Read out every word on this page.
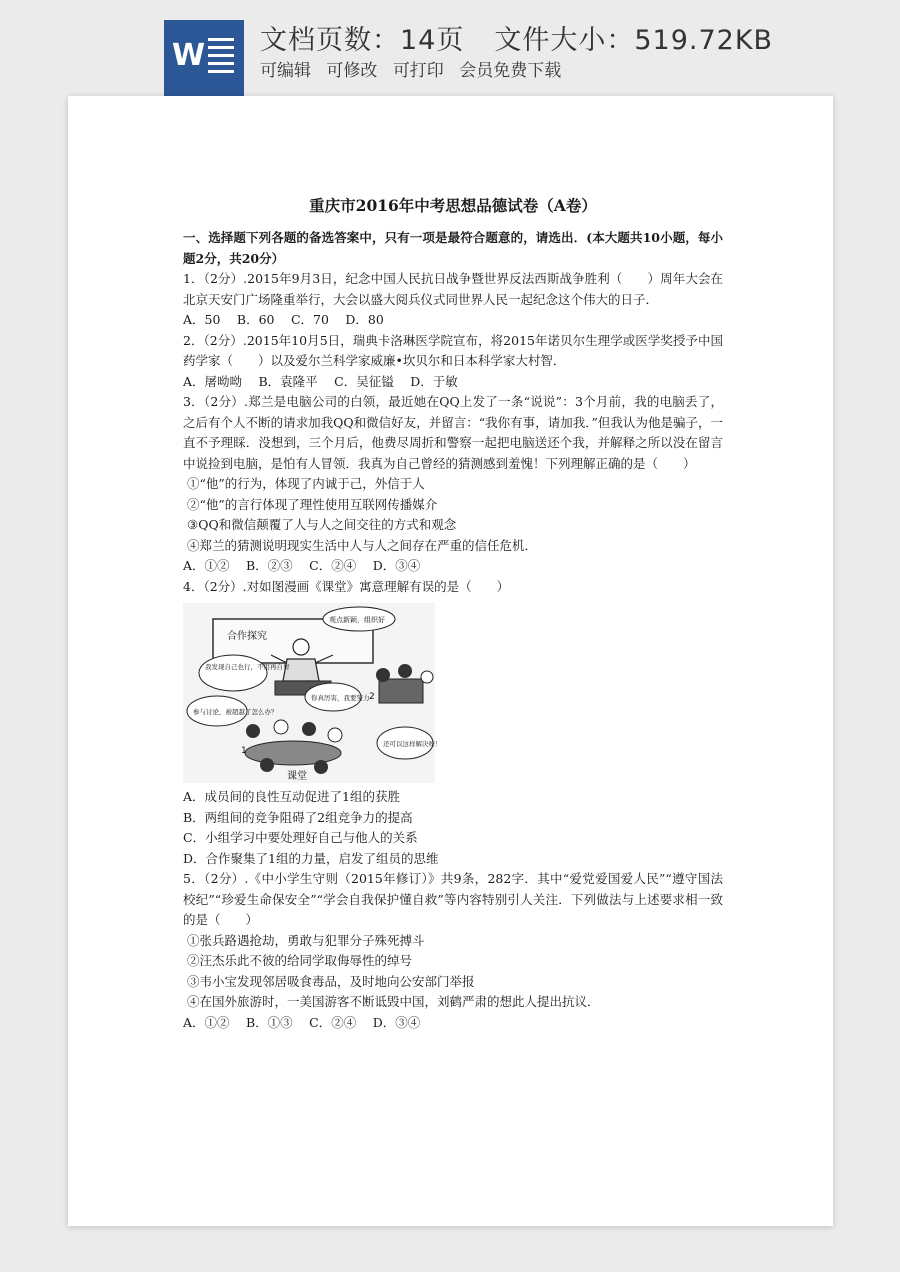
W 文档页数：14页 文件大小：519.72KB
可编辑 可修改 可打印 会员免费下载

重庆市2016年中考思想品德试卷（A卷）

一、选择题下列各题的备选答案中，只有一项是最符合题意的，请选出．(本大题共10小题，每小题2分，共20分）

1．（2分）.2015年9月3日，纪念中国人民抗日战争暨世界反法西斯战争胜利（　　）周年大会在北京天安门广场隆重举行，大会以盛大阅兵仪式同世界人民一起纪念这个伟大的日子．

A．50　 B．60　 C．70　 D．80

2．（2分）.2015年10月5日，瑞典卡洛琳医学院宣布，将2015年诺贝尔生理学或医学奖授予中国药学家（　　）以及爱尔兰科学家威廉•坎贝尔和日本科学家大村智．

A．屠呦呦　 B．袁隆平　 C．吴征镒　 D．于敏

3．（2分）.郑兰是电脑公司的白领，最近她在QQ上发了一条“说说”：3个月前，我的电脑丢了，之后有个人不断的请求加我QQ和微信好友，并留言：“我你有事，请加我．”但我认为他是骗子，一直不予理睬．没想到，三个月后，他费尽周折和警察一起把电脑送还个我，并解释之所以没在留言中说捡到电脑，是怕有人冒领．我真为自己曾经的猜测感到羞愧！下列理解正确的是（　　）

①“他”的行为，体现了内诚于己，外信于人

②“他”的言行体现了理性使用互联网传播媒介

③QQ和微信颠覆了人与人之间交往的方式和观念

④郑兰的猜测说明现实生活中人与人之间存在严重的信任危机．

A．①②　 B．②③　 C．②④　 D．③④

4．（2分）.对如图漫画《课堂》寓意理解有误的是（　　）

合作探究
观点新颖，组织好
我发现自己也行，不用再自卑
你真厉害，我要努力
参与讨论，被超越了怎么办？
还可以这样解决呀！
1
2
课堂

A．成员间的良性互动促进了1组的获胜

B．两组间的竞争阻碍了2组竞争力的提高

C．小组学习中要处理好自己与他人的关系

D．合作聚集了1组的力量，启发了组员的思维

5．（2分）.《中小学生守则（2015年修订）》共9条，282字．其中“爱党爱国爱人民”“遵守国法校纪”“珍爱生命保安全”“学会自我保护懂自救”等内容特别引人关注．下列做法与上述要求相一致的是（　　）

①张兵路遇抢劫，勇敢与犯罪分子殊死搏斗

②汪杰乐此不彼的给同学取侮辱性的绰号

③韦小宝发现邻居吸食毒品，及时地向公安部门举报

④在国外旅游时，一美国游客不断诋毁中国，刘鹤严肃的想此人提出抗议．

A．①②　 B．①③　 C．②④　 D．③④
